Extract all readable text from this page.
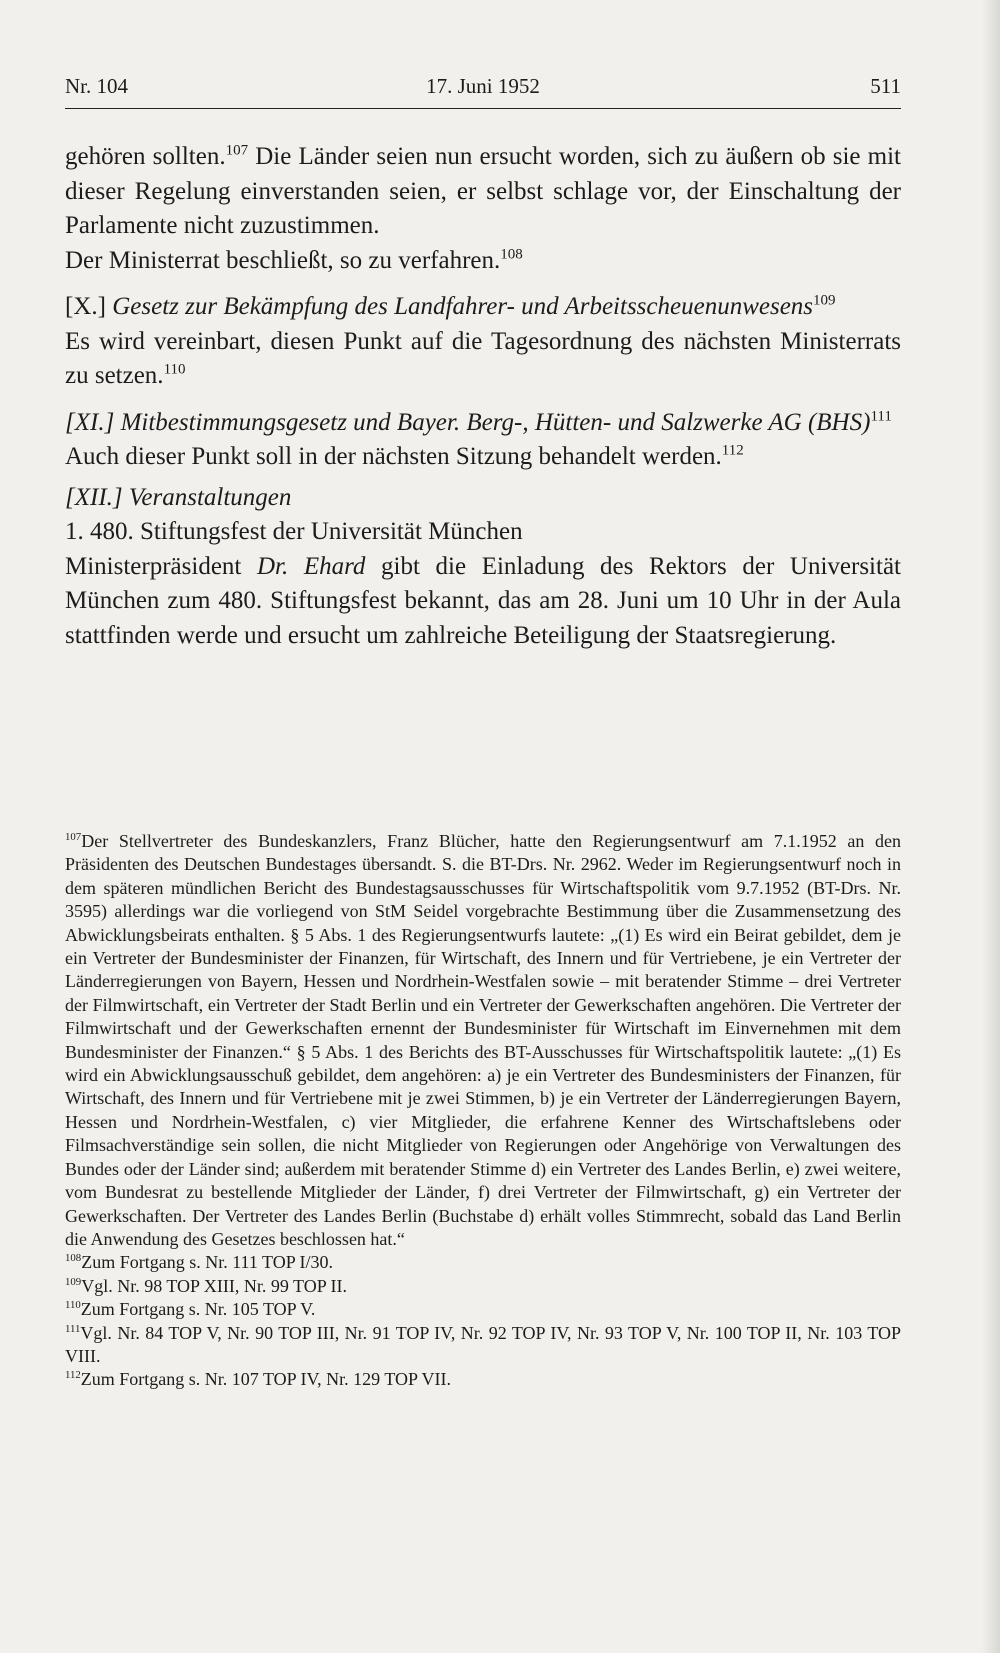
Nr. 104	17. Juni 1952	511

gehören sollten.$^{107}$ Die Länder seien nun ersucht worden, sich zu äußern ob sie mit dieser Regelung einverstanden seien, er selbst schlage vor, der Einschaltung der Parlamente nicht zuzustimmen.

Der Ministerrat beschließt, so zu verfahren.$^{108}$

[X.] Gesetz zur Bekämpfung des Landfahrer- und Arbeitsscheuenunwesens$^{109}$

Es wird vereinbart, diesen Punkt auf die Tagesordnung des nächsten Ministerrats zu setzen.$^{110}$

[XI.] Mitbestimmungsgesetz und Bayer. Berg-, Hütten- und Salzwerke AG (BHS)$^{111}$

Auch dieser Punkt soll in der nächsten Sitzung behandelt werden.$^{112}$

[XII.] Veranstaltungen

1. 480. Stiftungsfest der Universität München

Ministerpräsident Dr. Ehard gibt die Einladung des Rektors der Universität München zum 480. Stiftungsfest bekannt, das am 28. Juni um 10 Uhr in der Aula stattfinden werde und ersucht um zahlreiche Beteiligung der Staatsregierung.

$^{107}$Der Stellvertreter des Bundeskanzlers, Franz Blücher, hatte den Regierungsentwurf am 7.1.1952 an den Präsidenten des Deutschen Bundestages übersandt. S. die BT-Drs. Nr. 2962. Weder im Regierungsentwurf noch in dem späteren mündlichen Bericht des Bundestagsausschusses für Wirtschaftspolitik vom 9.7.1952 (BT-Drs. Nr. 3595) allerdings war die vorliegend von StM Seidel vorgebrachte Bestimmung über die Zusammensetzung des Abwicklungsbeirats enthalten. § 5 Abs. 1 des Regierungsentwurfs lautete: „(1) Es wird ein Beirat gebildet, dem je ein Vertreter der Bundesminister der Finanzen, für Wirtschaft, des Innern und für Vertriebene, je ein Vertreter der Länderregierungen von Bayern, Hessen und Nordrhein-Westfalen sowie – mit beratender Stimme – drei Vertreter der Filmwirtschaft, ein Vertreter der Stadt Berlin und ein Vertreter der Gewerkschaften angehören. Die Vertreter der Filmwirtschaft und der Gewerkschaften ernennt der Bundesminister für Wirtschaft im Einvernehmen mit dem Bundesminister der Finanzen.“ § 5 Abs. 1 des Berichts des BT-Ausschusses für Wirtschaftspolitik lautete: „(1) Es wird ein Abwicklungsausschuß gebildet, dem angehören: a) je ein Vertreter des Bundesministers der Finanzen, für Wirtschaft, des Innern und für Vertriebene mit je zwei Stimmen, b) je ein Vertreter der Länderregierungen Bayern, Hessen und Nordrhein-Westfalen, c) vier Mitglieder, die erfahrene Kenner des Wirtschaftslebens oder Filmsachverständige sein sollen, die nicht Mitglieder von Regierungen oder Angehörige von Verwaltungen des Bundes oder der Länder sind; außerdem mit beratender Stimme d) ein Vertreter des Landes Berlin, e) zwei weitere, vom Bundesrat zu bestellende Mitglieder der Länder, f) drei Vertreter der Filmwirtschaft, g) ein Vertreter der Gewerkschaften. Der Vertreter des Landes Berlin (Buchstabe d) erhält volles Stimmrecht, sobald das Land Berlin die Anwendung des Gesetzes beschlossen hat.“

$^{108}$Zum Fortgang s. Nr. 111 TOP I/30.

$^{109}$Vgl. Nr. 98 TOP XIII, Nr. 99 TOP II.

$^{110}$Zum Fortgang s. Nr. 105 TOP V.

$^{111}$Vgl. Nr. 84 TOP V, Nr. 90 TOP III, Nr. 91 TOP IV, Nr. 92 TOP IV, Nr. 93 TOP V, Nr. 100 TOP II, Nr. 103 TOP VIII.

$^{112}$Zum Fortgang s. Nr. 107 TOP IV, Nr. 129 TOP VII.
